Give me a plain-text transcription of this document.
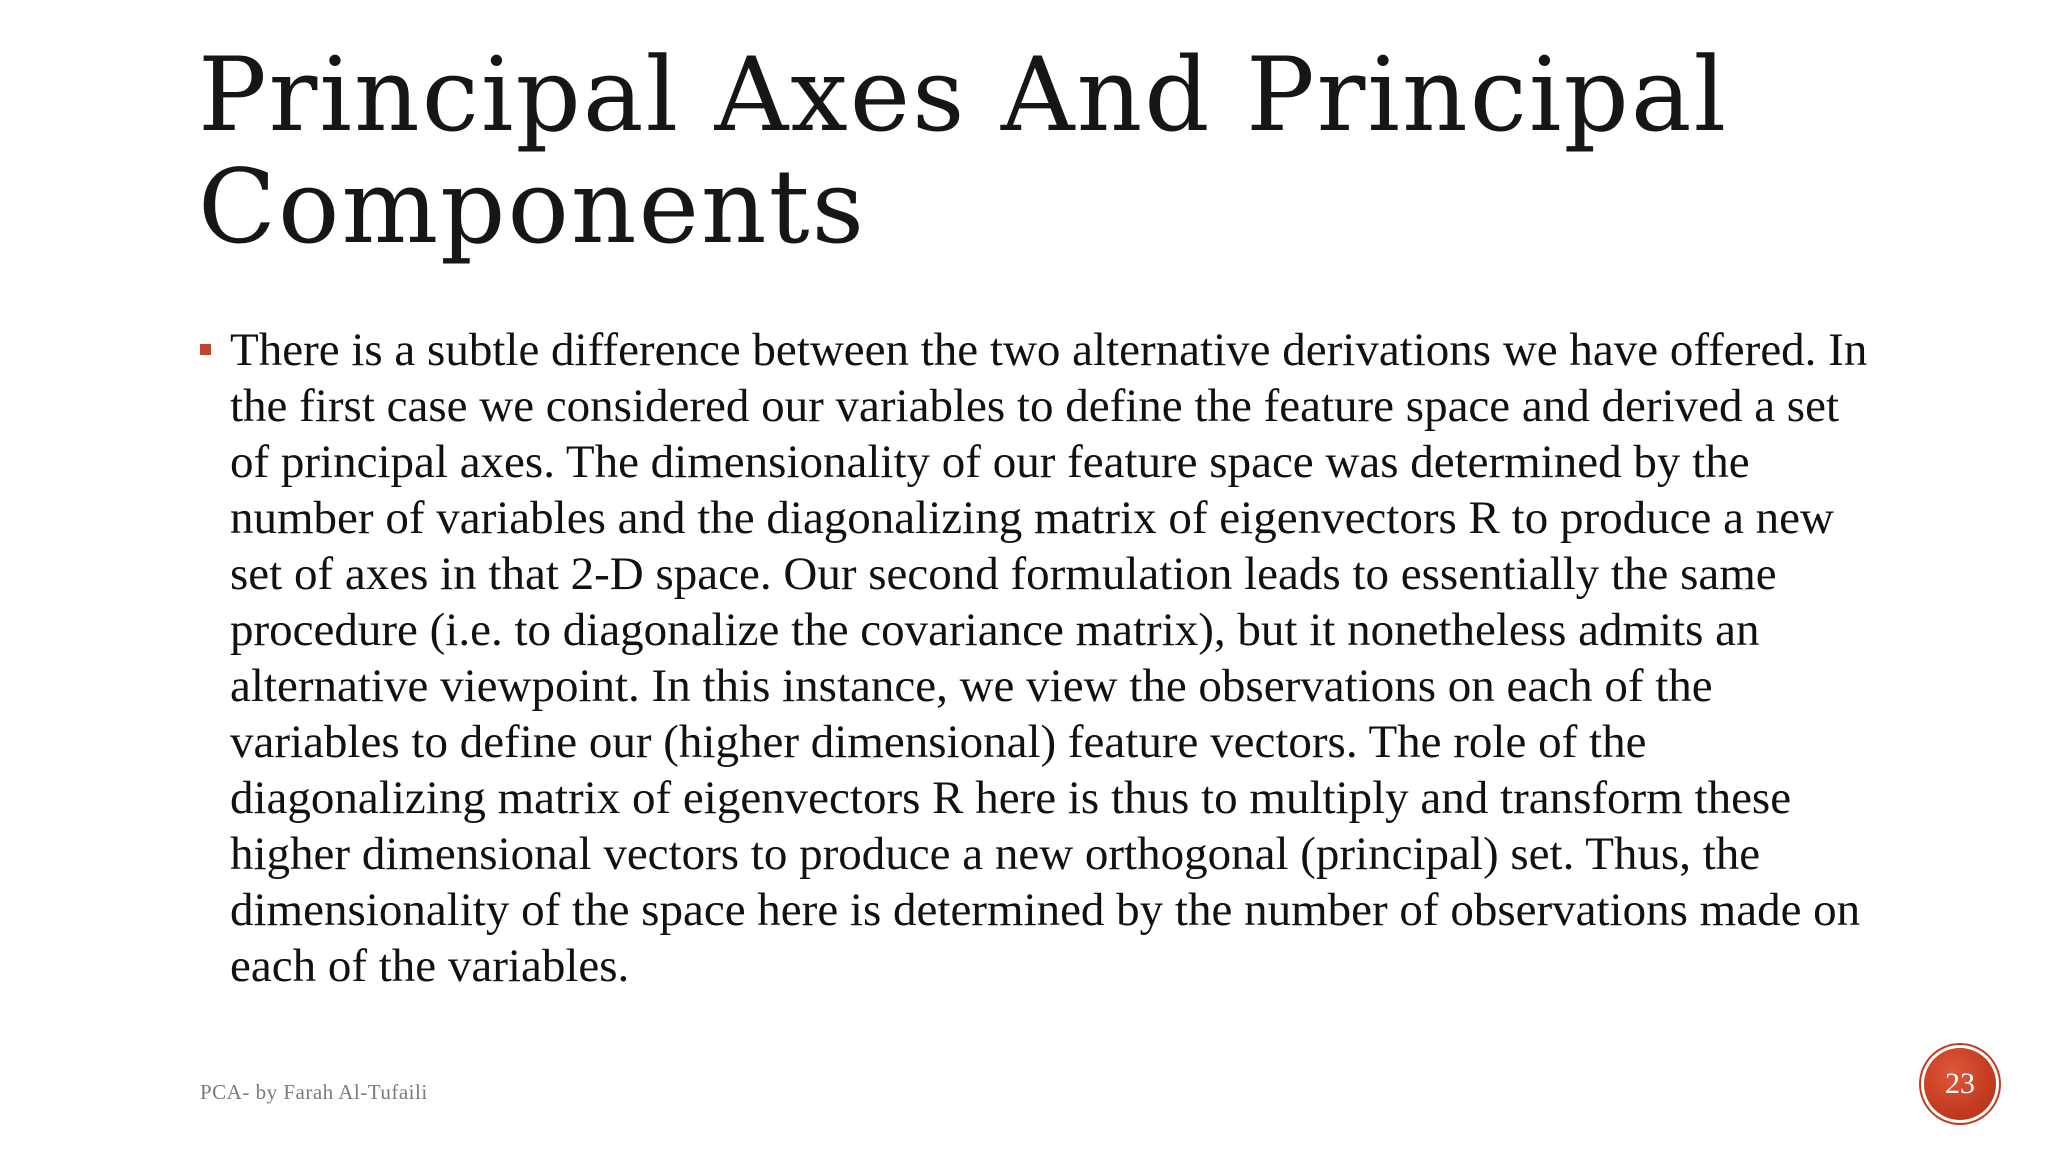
Principal Axes And Principal Components
There is a subtle difference between the two alternative derivations we have offered. In the first case we considered our variables to define the feature space and derived a set of principal axes. The dimensionality of our feature space was determined by the number of variables and the diagonalizing matrix of eigenvectors R to produce a new set of axes in that 2-D space. Our second formulation leads to essentially the same procedure (i.e. to diagonalize the covariance matrix), but it nonetheless admits an alternative viewpoint. In this instance, we view the observations on each of the variables to define our (higher dimensional) feature vectors. The role of the diagonalizing matrix of eigenvectors R here is thus to multiply and transform these higher dimensional vectors to produce a new orthogonal (principal) set. Thus, the dimensionality of the space here is determined by the number of observations made on each of the variables.
PCA- by Farah Al-Tufaili	23
